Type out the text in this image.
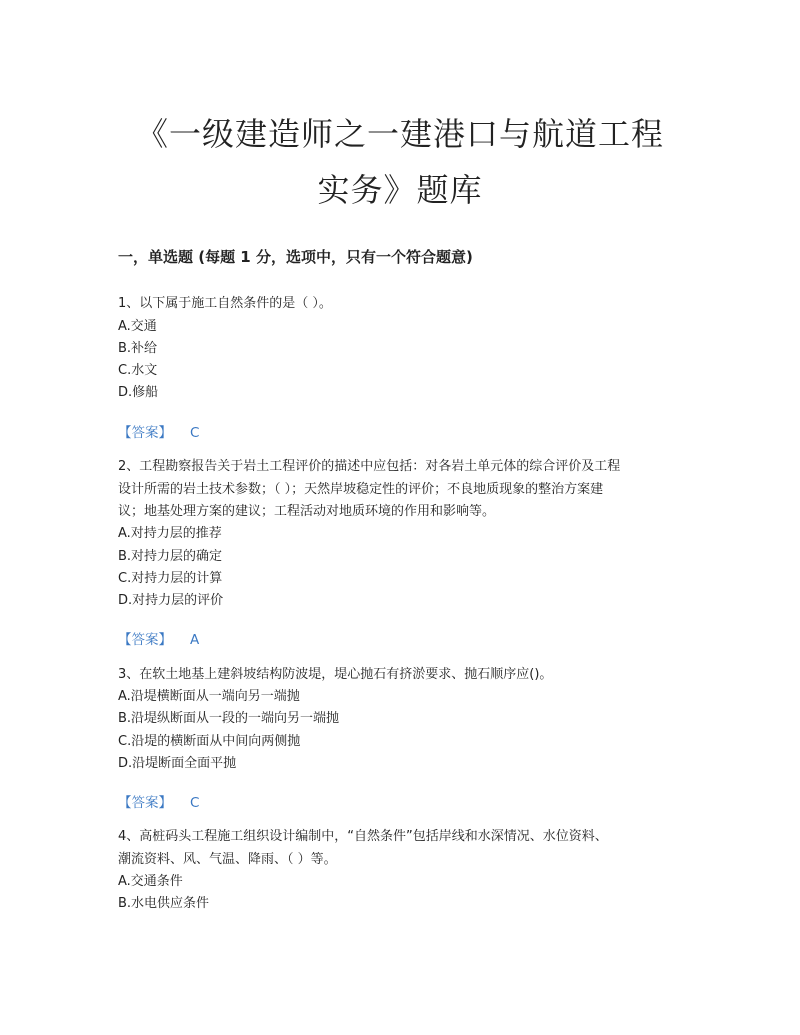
《一级建造师之一建港口与航道工程
实务》题库
一，单选题 (每题 1 分，选项中，只有一个符合题意)
1、以下属于施工自然条件的是（ ）。
A.交通
B.补给
C.水文
D.修船
【答案】 C
2、工程勘察报告关于岩土工程评价的描述中应包括：对各岩土单元体的综合评价及工程
设计所需的岩土技术参数；（ ）；天然岸坡稳定性的评价；不良地质现象的整治方案建
议；地基处理方案的建议；工程活动对地质环境的作用和影响等。
A.对持力层的推荐
B.对持力层的确定
C.对持力层的计算
D.对持力层的评价
【答案】 A
3、在软土地基上建斜坡结构防波堤，堤心抛石有挤淤要求、抛石顺序应()。
A.沿堤横断面从一端向另一端抛
B.沿堤纵断面从一段的一端向另一端抛
C.沿堤的横断面从中间向两侧抛
D.沿堤断面全面平抛
【答案】 C
4、高桩码头工程施工组织设计编制中，“自然条件”包括岸线和水深情况、水位资料、
潮流资料、风、气温、降雨、（ ）等。
A.交通条件
B.水电供应条件
